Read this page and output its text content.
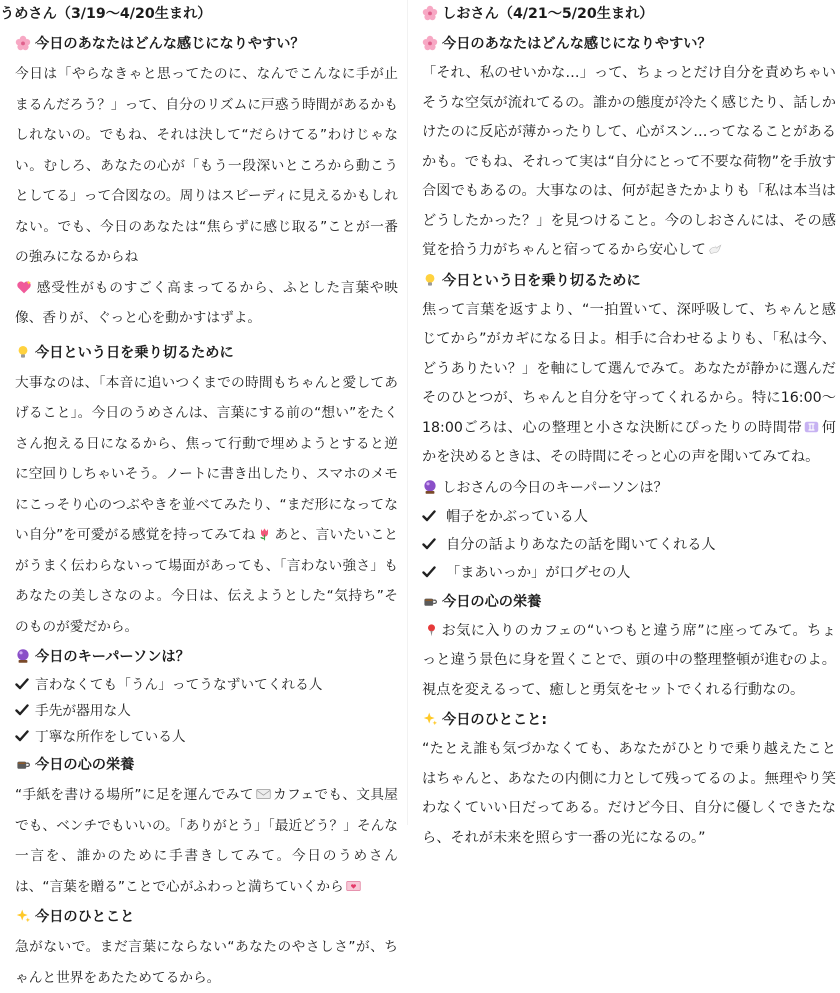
うめさん（3/19〜4/20生まれ）
今日のあなたはどんな感じになりやすい？
今日は「やらなきゃと思ってたのに、なんでこんなに手が止まるんだろう？」って、自分のリズムに戸惑う時間があるかもしれないの。でもね、それは決して“だらけてる”わけじゃない。むしろ、あなたの心が「もう一段深いところから動こうとしてる」って合図なの。周りはスピーディに見えるかもしれない。でも、今日のあなたは“焦らずに感じ取る”ことが一番の強みになるからね
感受性がものすごく高まってるから、ふとした言葉や映像、香りが、ぐっと心を動かすはずよ。
今日という日を乗り切るために
大事なのは、「本音に追いつくまでの時間もちゃんと愛してあげること」。今日のうめさんは、言葉にする前の“想い”をたくさん抱える日になるから、焦って行動で埋めようとすると逆に空回りしちゃいそう。ノートに書き出したり、スマホのメモにこっそり心のつぶやきを並べてみたり、“まだ形になってない自分”を可愛がる感覚を持ってみてね あと、言いたいことがうまく伝わらないって場面があっても、「言わない強さ」もあなたの美しさなのよ。今日は、伝えようとした“気持ち”そのものが愛だから。
今日のキーパーソンは？
言わなくても「うん」ってうなずいてくれる人
手先が器用な人
丁寧な所作をしている人
今日の心の栄養
“手紙を書ける場所”に足を運んでみて カフェでも、文具屋でも、ベンチでもいいの。「ありがとう」「最近どう？」そんな一言を、誰かのために手書きしてみて。今日のうめさんは、“言葉を贈る”ことで心がふわっと満ちていくから
今日のひとこと
急がないで。まだ言葉にならない“あなたのやさしさ”が、ちゃんと世界をあたためてるから。
しおさん（4/21〜5/20生まれ）
今日のあなたはどんな感じになりやすい？
「それ、私のせいかな…」って、ちょっとだけ自分を責めちゃいそうな空気が流れてるの。誰かの態度が冷たく感じたり、話しかけたのに反応が薄かったりして、心がスン…ってなることがあるかも。でもね、それって実は“自分にとって不要な荷物”を手放す合図でもあるの。大事なのは、何が起きたかよりも「私は本当はどうしたかった？」を見つけること。今のしおさんには、その感覚を拾う力がちゃんと宿ってるから安心して
今日という日を乗り切るために
焦って言葉を返すより、“一拍置いて、深呼吸して、ちゃんと感じてから”がカギになる日よ。相手に合わせるよりも、「私は今、どうありたい？」を軸にして選んでみて。あなたが静かに選んだそのひとつが、ちゃんと自分を守ってくれるから。特に16:00〜18:00ごろは、心の整理と小さな決断にぴったりの時間帯 何かを決めるときは、その時間にそっと心の声を聞いてみてね。
しおさんの今日のキーパーソンは？
帽子をかぶっている人
自分の話よりあなたの話を聞いてくれる人
「まあいっか」が口グセの人
今日の心の栄養
お気に入りのカフェの“いつもと違う席”に座ってみて。ちょっと違う景色に身を置くことで、頭の中の整理整頓が進むのよ。視点を変えるって、癒しと勇気をセットでくれる行動なの。
今日のひとこと:
“たとえ誰も気づかなくても、あなたがひとりで乗り越えたことはちゃんと、あなたの内側に力として残ってるのよ。無理やり笑わなくていい日だってある。だけど今日、自分に優しくできたなら、それが未来を照らす一番の光になるの。”
